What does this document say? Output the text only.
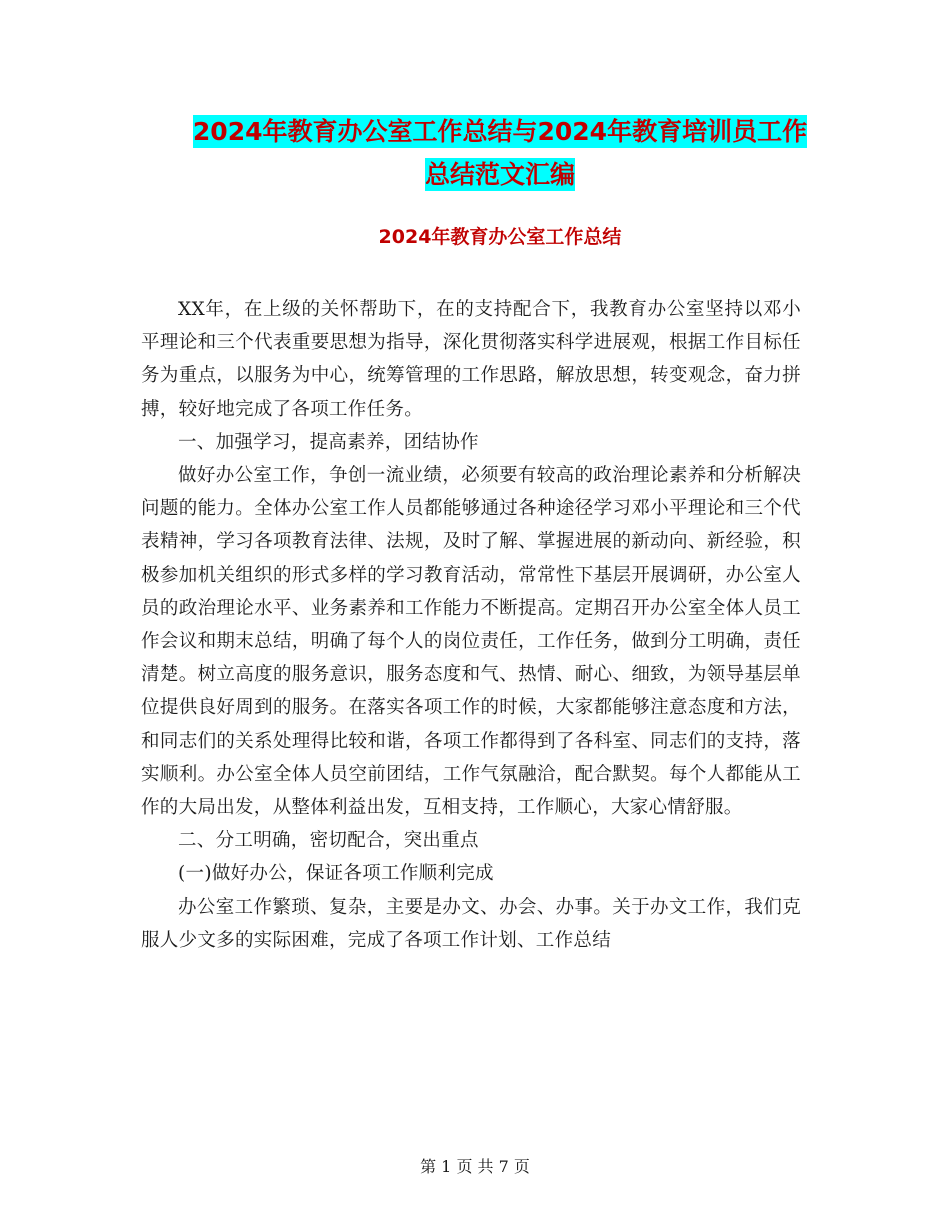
2024年教育办公室工作总结与2024年教育培训员工作
总结范文汇编
2024年教育办公室工作总结

XX年，在上级的关怀帮助下，在的支持配合下，我教育办公室坚持以邓小平理论和三个代表重要思想为指导，深化贯彻落实科学进展观，根据工作目标任务为重点，以服务为中心，统筹管理的工作思路，解放思想，转变观念，奋力拼搏，较好地完成了各项工作任务。

一、加强学习，提高素养，团结协作

做好办公室工作，争创一流业绩，必须要有较高的政治理论素养和分析解决问题的能力。全体办公室工作人员都能够通过各种途径学习邓小平理论和三个代表精神，学习各项教育法律、法规，及时了解、掌握进展的新动向、新经验，积极参加机关组织的形式多样的学习教育活动，常常性下基层开展调研，办公室人员的政治理论水平、业务素养和工作能力不断提高。定期召开办公室全体人员工作会议和期末总结，明确了每个人的岗位责任，工作任务，做到分工明确，责任清楚。树立高度的服务意识，服务态度和气、热情、耐心、细致，为领导基层单位提供良好周到的服务。在落实各项工作的时候，大家都能够注意态度和方法，和同志们的关系处理得比较和谐，各项工作都得到了各科室、同志们的支持，落实顺利。办公室全体人员空前团结，工作气氛融洽，配合默契。每个人都能从工作的大局出发，从整体利益出发，互相支持，工作顺心，大家心情舒服。

二、分工明确，密切配合，突出重点

(一)做好办公，保证各项工作顺利完成

办公室工作繁琐、复杂，主要是办文、办会、办事。关于办文工作，我们克服人少文多的实际困难，完成了各项工作计划、工作总结

第 1 页 共 7 页
